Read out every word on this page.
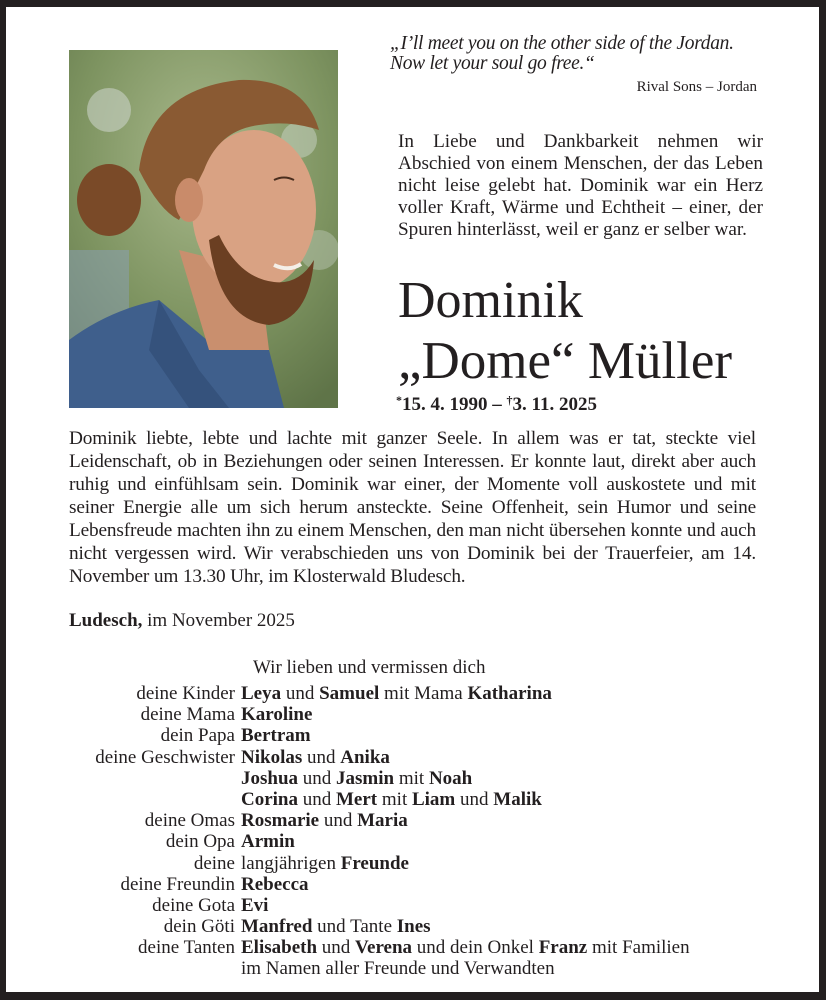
„I’ll meet you on the other side of the Jordan.
Now let your soul go free.“
Rival Sons – Jordan
In Liebe und Dankbarkeit nehmen wir Abschied von einem Menschen, der das Leben nicht leise gelebt hat. Dominik war ein Herz voller Kraft, Wärme und Echtheit – einer, der Spuren hinterlässt, weil er ganz er selber war.
Dominik
„Dome“ Müller
*15. 4. 1990 – †3. 11. 2025
Dominik liebte, lebte und lachte mit ganzer Seele. In allem was er tat, steckte viel Leidenschaft, ob in Beziehungen oder seinen Interessen. Er konnte laut, direkt aber auch ruhig und einfühlsam sein. Dominik war einer, der Momente voll auskostete und mit seiner Energie alle um sich herum ansteckte. Seine Offenheit, sein Humor und seine Lebensfreude machten ihn zu einem Menschen, den man nicht übersehen konnte und auch nicht vergessen wird. Wir verabschieden uns von Dominik bei der Trauerfeier, am 14. November um 13.30 Uhr, im Klosterwald Bludesch.
Ludesch, im November 2025
Wir lieben und vermissen dich
deine Kinder Leya und Samuel mit Mama Katharina
deine Mama Karoline
dein Papa Bertram
deine Geschwister Nikolas und Anika
Joshua und Jasmin mit Noah
Corina und Mert mit Liam und Malik
deine Omas Rosmarie und Maria
dein Opa Armin
deine langjährigen Freunde
deine Freundin Rebecca
deine Gota Evi
dein Göti Manfred und Tante Ines
deine Tanten Elisabeth und Verena und dein Onkel Franz mit Familien
im Namen aller Freunde und Verwandten
